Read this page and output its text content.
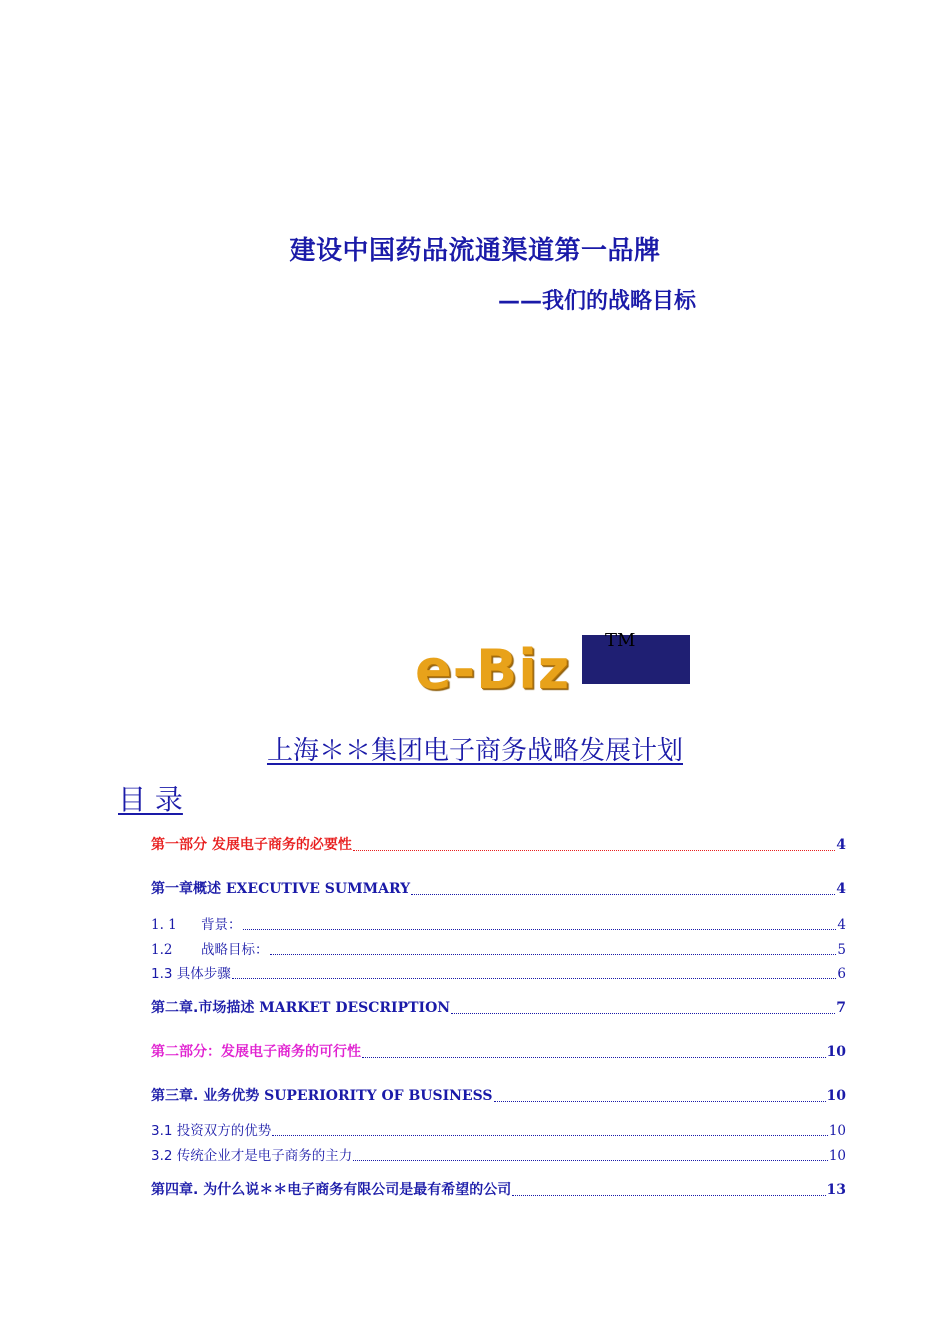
建设中国药品流通渠道第一品牌
——我们的战略目标
TM
e-Biz
上海＊＊集团电子商务战略发展计划
目 录
第一部分 发展电子商务的必要性	4
第一章概述 EXECUTIVE SUMMARY	4
1. 1 背景：	4
1.2 战略目标：	5
1.3 具体步骤	6
第二章.市场描述 MARKET DESCRIPTION	7
第二部分：发展电子商务的可行性	10
第三章. 业务优势 SUPERIORITY OF BUSINESS	10
3.1 投资双方的优势	10
3.2 传统企业才是电子商务的主力	10
第四章. 为什么说＊＊电子商务有限公司是最有希望的公司	13
